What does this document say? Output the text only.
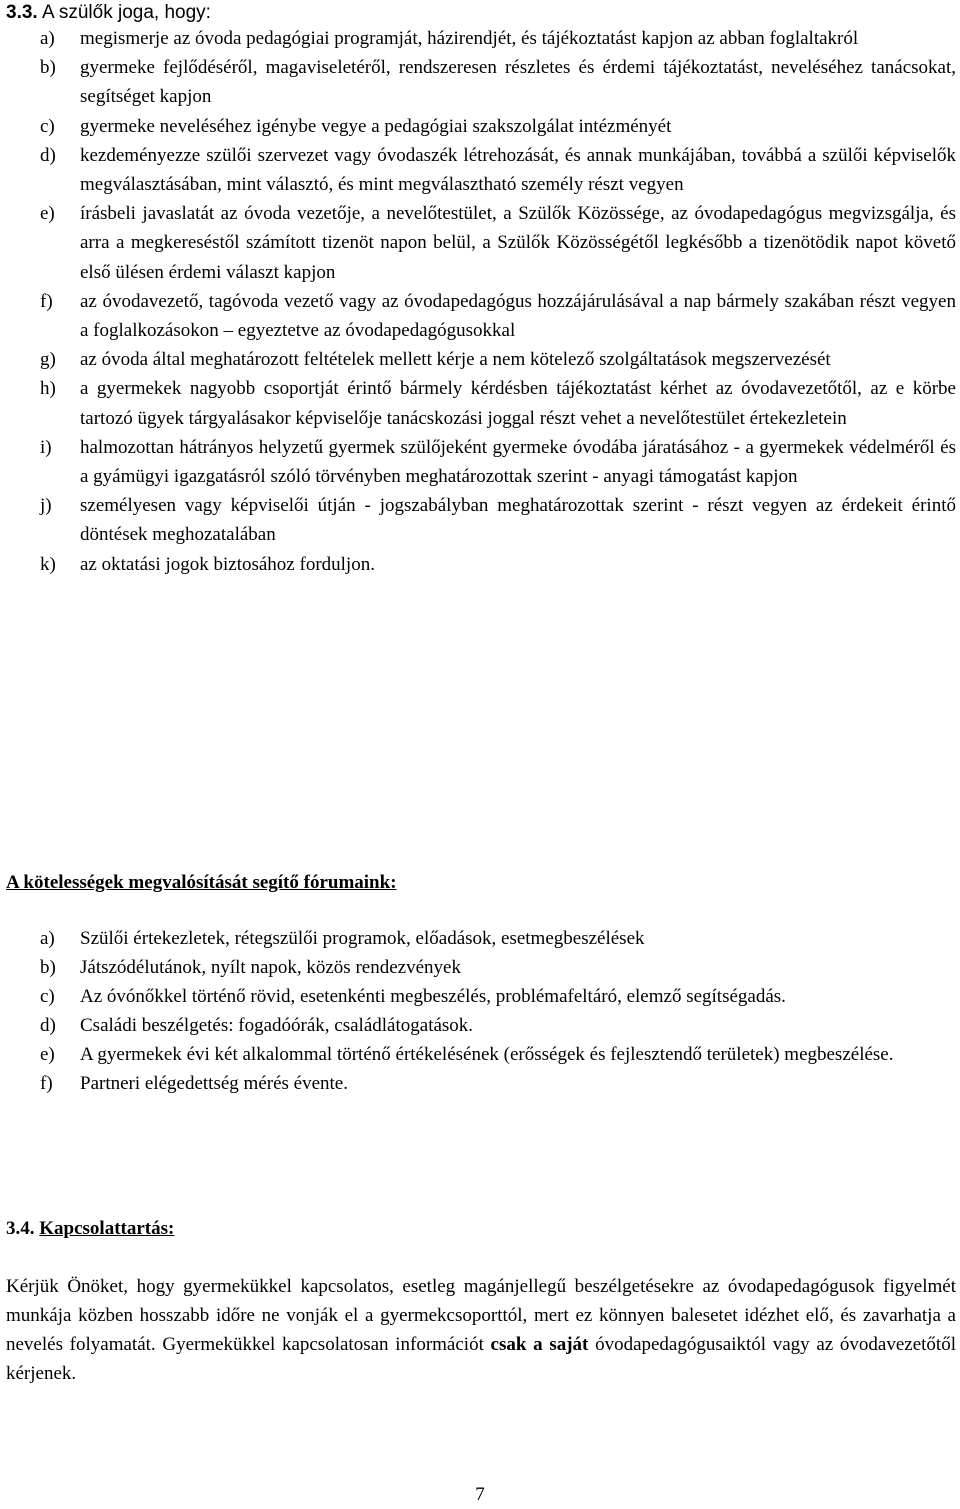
3.3. A szülők joga, hogy:
a) megismerje az óvoda pedagógiai programját, házirendjét, és tájékoztatást kapjon az abban foglaltakról
b) gyermeke fejlődéséről, magaviseletéről, rendszeresen részletes és érdemi tájékoztatást, neveléséhez tanácsokat, segítséget kapjon
c) gyermeke neveléséhez igénybe vegye a pedagógiai szakszolgálat intézményét
d) kezdeményezze szülői szervezet vagy óvodaszék létrehozását, és annak munkájában, továbbá a szülői képviselők megválasztásában, mint választó, és mint megválasztható személy részt vegyen
e) írásbeli javaslatát az óvoda vezetője, a nevelőtestület, a Szülők Közössége, az óvodapedagógus megvizsgálja, és arra a megkereséstől számított tizenöt napon belül, a Szülők Közösségétől legkésőbb a tizenötödik napot követő első ülésen érdemi választ kapjon
f) az óvodavezető, tagóvoda vezető vagy az óvodapedagógus hozzájárulásával a nap bármely szakában részt vegyen a foglalkozásokon – egyeztetve az óvodapedagógusokkal
g) az óvoda által meghatározott feltételek mellett kérje a nem kötelező szolgáltatások megszervezését
h) a gyermekek nagyobb csoportját érintő bármely kérdésben tájékoztatást kérhet az óvodavezetőtől, az e körbe tartozó ügyek tárgyalásakor képviselője tanácskozási joggal részt vehet a nevelőtestület értekezletein
i) halmozottan hátrányos helyzetű gyermek szülőjeként gyermeke óvodába járatásához - a gyermekek védelméről és a gyámügyi igazgatásról szóló törvényben meghatározottak szerint - anyagi támogatást kapjon
j) személyesen vagy képviselői útján - jogszabályban meghatározottak szerint - részt vegyen az érdekeit érintő döntések meghozatalában
k) az oktatási jogok biztosához forduljon.
A kötelességek megvalósítását segítő fórumaink:
a) Szülői értekezletek, rétegszülői programok, előadások, esetmegbeszélések
b) Játszódélutánok, nyílt napok, közös rendezvények
c) Az óvónőkkel történő rövid, esetenkénti megbeszélés, problémafeltáró, elemző segítségadás.
d) Családi beszélgetés: fogadóórák, családlátogatások.
e) A gyermekek évi két alkalommal történő értékelésének (erősségek és fejlesztendő területek) megbeszélése.
f) Partneri elégedettség mérés évente.
3.4. Kapcsolattartás:

Kérjük Önöket, hogy gyermekükkel kapcsolatos, esetleg magánjellegű beszélgetésekre az óvodapedagógusok figyelmét munkája közben hosszabb időre ne vonják el a gyermekcsoporttól, mert ez könnyen balesetet idézhet elő, és zavarhatja a nevelés folyamatát. Gyermekükkel kapcsolatosan információt csak a saját óvodapedagógusaiktól vagy az óvodavezetőtől kérjenek.

7
